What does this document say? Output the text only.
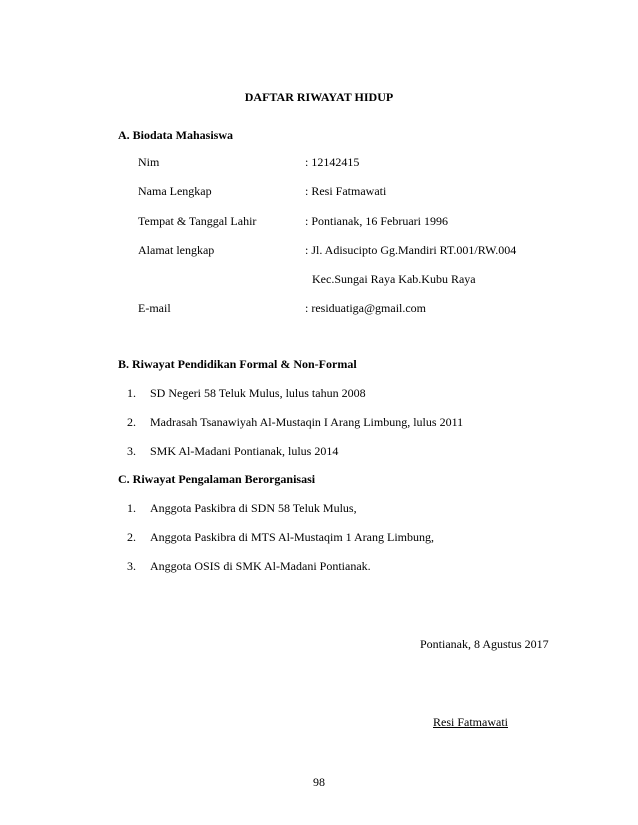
DAFTAR RIWAYAT HIDUP
A. Biodata Mahasiswa
Nim	: 12142415
Nama Lengkap	: Resi Fatmawati
Tempat & Tanggal Lahir	: Pontianak, 16 Februari 1996
Alamat lengkap	: Jl. Adisucipto Gg.Mandiri RT.001/RW.004
Kec.Sungai Raya Kab.Kubu Raya
E-mail	: residuatiga@gmail.com
B. Riwayat Pendidikan Formal & Non-Formal
1. SD Negeri 58 Teluk Mulus, lulus tahun 2008
2. Madrasah Tsanawiyah Al-Mustaqin I Arang Limbung, lulus 2011
3. SMK Al-Madani Pontianak, lulus 2014
C. Riwayat Pengalaman Berorganisasi
1. Anggota Paskibra di SDN 58 Teluk Mulus,
2. Anggota Paskibra di MTS Al-Mustaqim 1 Arang Limbung,
3. Anggota OSIS di SMK Al-Madani Pontianak.
Pontianak, 8 Agustus 2017
Resi Fatmawati
98
